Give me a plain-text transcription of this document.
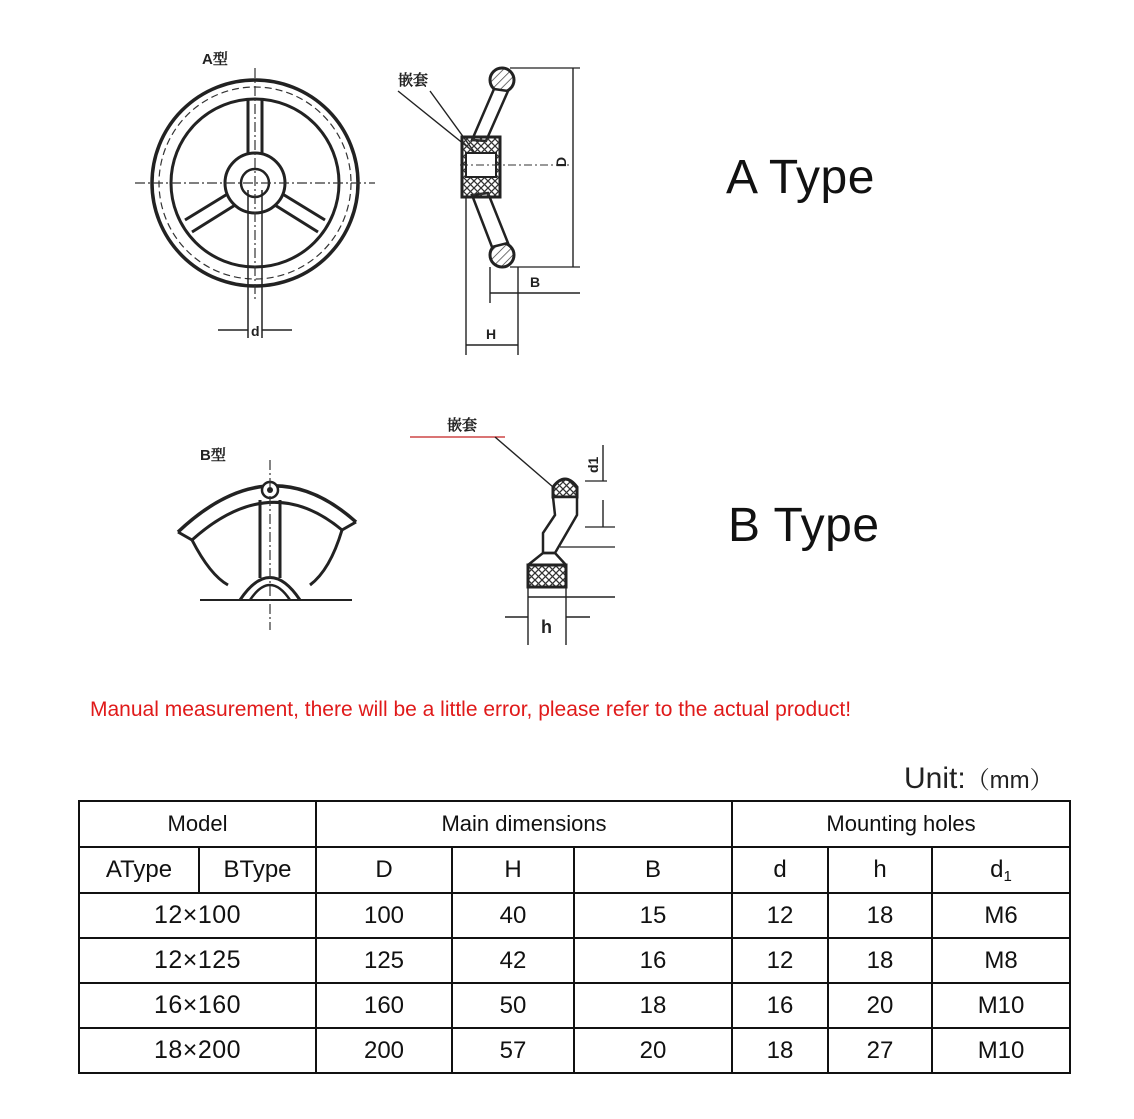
A型
d
嵌套
D
B
H
A Type
B型
嵌套
d1
h
B Type
Manual measurement, there will be a little error, please refer to the actual product!
Unit:（mm）
Model		Main dimensions			Mounting holes		
AType	BType	D	H	B	d	h	$d_1$
12×100		100	40	15	12	18	M6
12×125		125	42	16	12	18	M8
16×160		160	50	18	16	20	M10
18×200		200	57	20	18	27	M10
